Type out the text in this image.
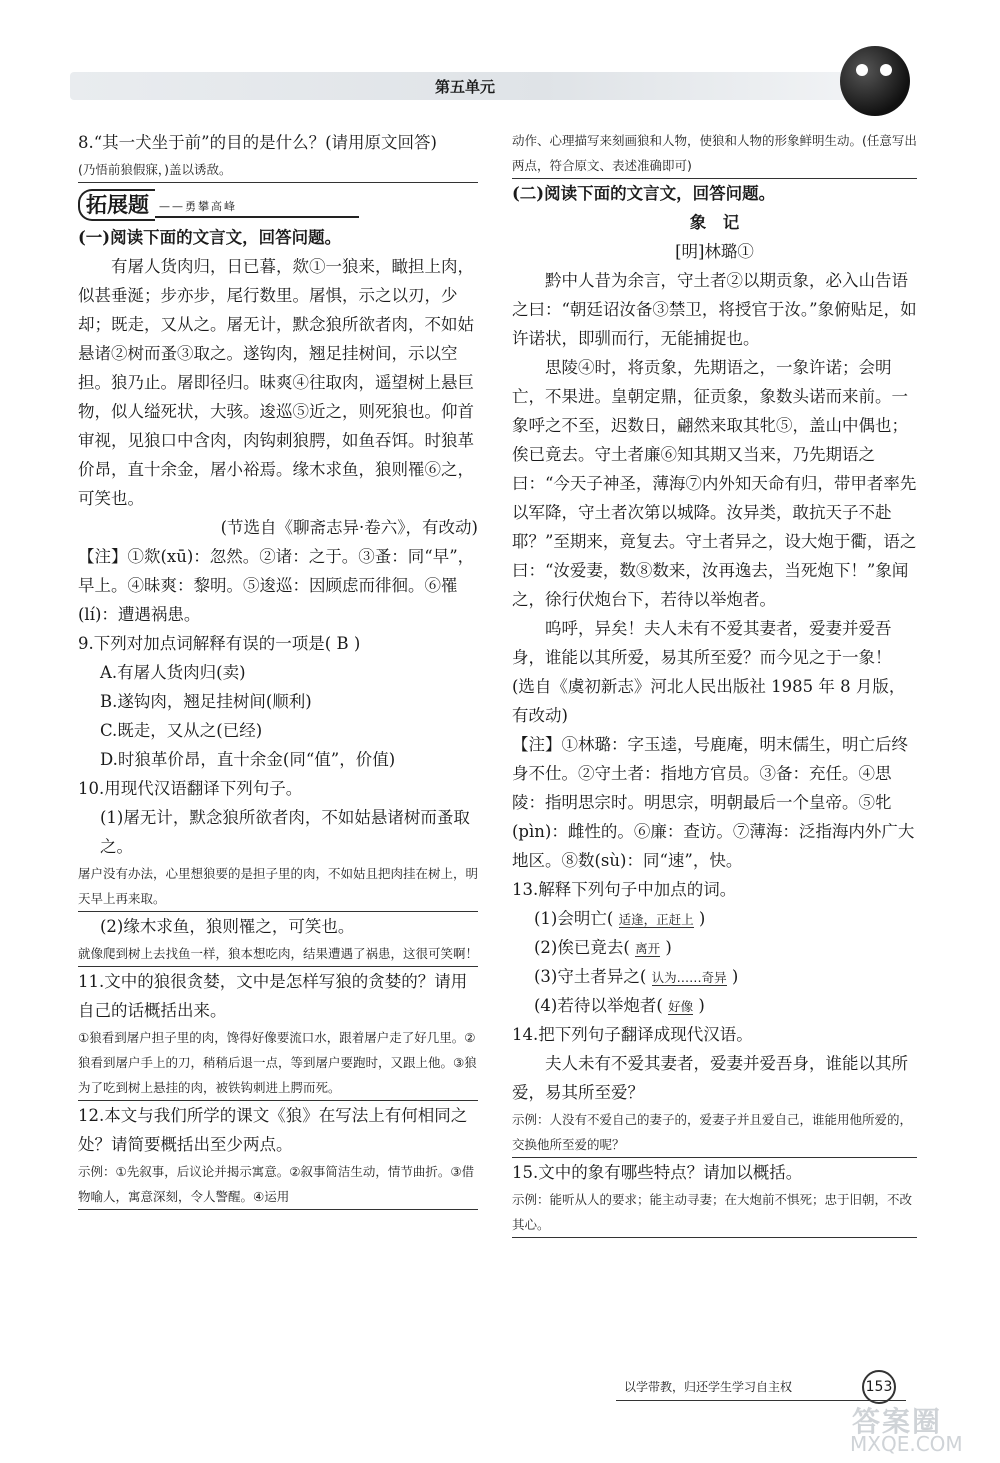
第五单元

8.“其一犬坐于前”的目的是什么？(请用原文回答)

(乃悟前狼假寐，)盖以诱敌。
拓展题 ——勇攀高峰

(一)阅读下面的文言文，回答问题。

有屠人货肉归，日已暮，欻①一狼来，瞰担上肉，似甚垂涎；步亦步，尾行数里。屠惧，示之以刃，少却；既走，又从之。屠无计，默念狼所欲者肉，不如姑悬诸②树而蚤③取之。遂钩肉，翘足挂树间，示以空担。狼乃止。屠即径归。昧爽④往取肉，遥望树上悬巨物，似人缢死状，大骇。逡巡⑤近之，则死狼也。仰首审视，见狼口中含肉，肉钩刺狼腭，如鱼吞饵。时狼革价昂，直十余金，屠小裕焉。缘木求鱼，狼则罹⑥之，可笑也。

(节选自《聊斋志异·卷六》，有改动)

【注】①欻(xū)：忽然。②诸：之于。③蚤：同“早”，早上。④昧爽：黎明。⑤逡巡：因顾虑而徘徊。⑥罹(lí)：遭遇祸患。

9.下列对加点词解释有误的一项是( B )

A.有屠人货肉归(卖)

B.遂钩肉，翘足挂树间(顺利)

C.既走，又从之(已经)

D.时狼革价昂，直十余金(同“值”，价值)

10.用现代汉语翻译下列句子。

(1)屠无计，默念狼所欲者肉，不如姑悬诸树而蚤取之。

屠户没有办法，心里想狼要的是担子里的肉，不如姑且把肉挂在树上，明天早上再来取。

(2)缘木求鱼，狼则罹之，可笑也。

就像爬到树上去找鱼一样，狼本想吃肉，结果遭遇了祸患，这很可笑啊！

11.文中的狼很贪婪，文中是怎样写狼的贪婪的？请用自己的话概括出来。

①狼看到屠户担子里的肉，馋得好像要流口水，跟着屠户走了好几里。②狼看到屠户手上的刀，稍稍后退一点，等到屠户要跑时，又跟上他。③狼为了吃到树上悬挂的肉，被铁钩刺进上腭而死。

12.本文与我们所学的课文《狼》在写法上有何相同之处？请简要概括出至少两点。

示例：①先叙事，后议论并揭示寓意。②叙事简洁生动，情节曲折。③借物喻人，寓意深刻，令人警醒。④运用
动作、心理描写来刻画狼和人物，使狼和人物的形象鲜明生动。(任意写出两点，符合原文、表述准确即可)

(二)阅读下面的文言文，回答问题。

象　记

[明]林璐①

黔中人昔为余言，守土者②以期贡象，必入山告语之曰：“朝廷诏汝备③禁卫，将授官于汝。”象俯贴足，如许诺状，即驯而行，无能捕捉也。

思陵④时，将贡象，先期语之，一象许诺；会明亡，不果进。皇朝定鼎，征贡象，象数头诺而来前。一象呼之不至，迟数日，翩然来取其牝⑤，盖山中偶也；俟已竟去。守土者廉⑥知其期又当来，乃先期语之曰：“今天子神圣，薄海⑦内外知天命有归，带甲者率先以军降，守土者次第以城降。汝异类，敢抗天子不赴耶？”至期来，竟复去。守土者异之，设大炮于衢，语之曰：“汝爱妻，数⑧数来，汝再逸去，当死炮下！”象闻之，徐行伏炮台下，若待以举炮者。

呜呼，异矣！夫人未有不爱其妻者，爱妻并爱吾身，谁能以其所爱，易其所至爱？而今见之于一象！

(选自《虞初新志》河北人民出版社 1985 年 8 月版，有改动)

【注】①林璐：字玉逵，号鹿庵，明末儒生，明亡后终身不仕。②守土者：指地方官员。③备：充任。④思陵：指明思宗时。明思宗，明朝最后一个皇帝。⑤牝(pìn)：雌性的。⑥廉：查访。⑦薄海：泛指海内外广大地区。⑧数(sù)：同“速”，快。

13.解释下列句子中加点的词。

(1)会明亡( 适逢，正赶上 )

(2)俟已竟去( 离开 )

(3)守土者异之( 认为……奇异 )

(4)若待以举炮者( 好像 )

14.把下列句子翻译成现代汉语。

夫人未有不爱其妻者，爱妻并爱吾身，谁能以其所爱，易其所至爱？

示例：人没有不爱自己的妻子的，爱妻子并且爱自己，谁能用他所爱的，交换他所至爱的呢？

15.文中的象有哪些特点？请加以概括。

示例：能听从人的要求；能主动寻妻；在大炮前不惧死；忠于旧朝，不改其心。
以学带教，归还学生学习自主权	153
答案圈
MXQE.COM
